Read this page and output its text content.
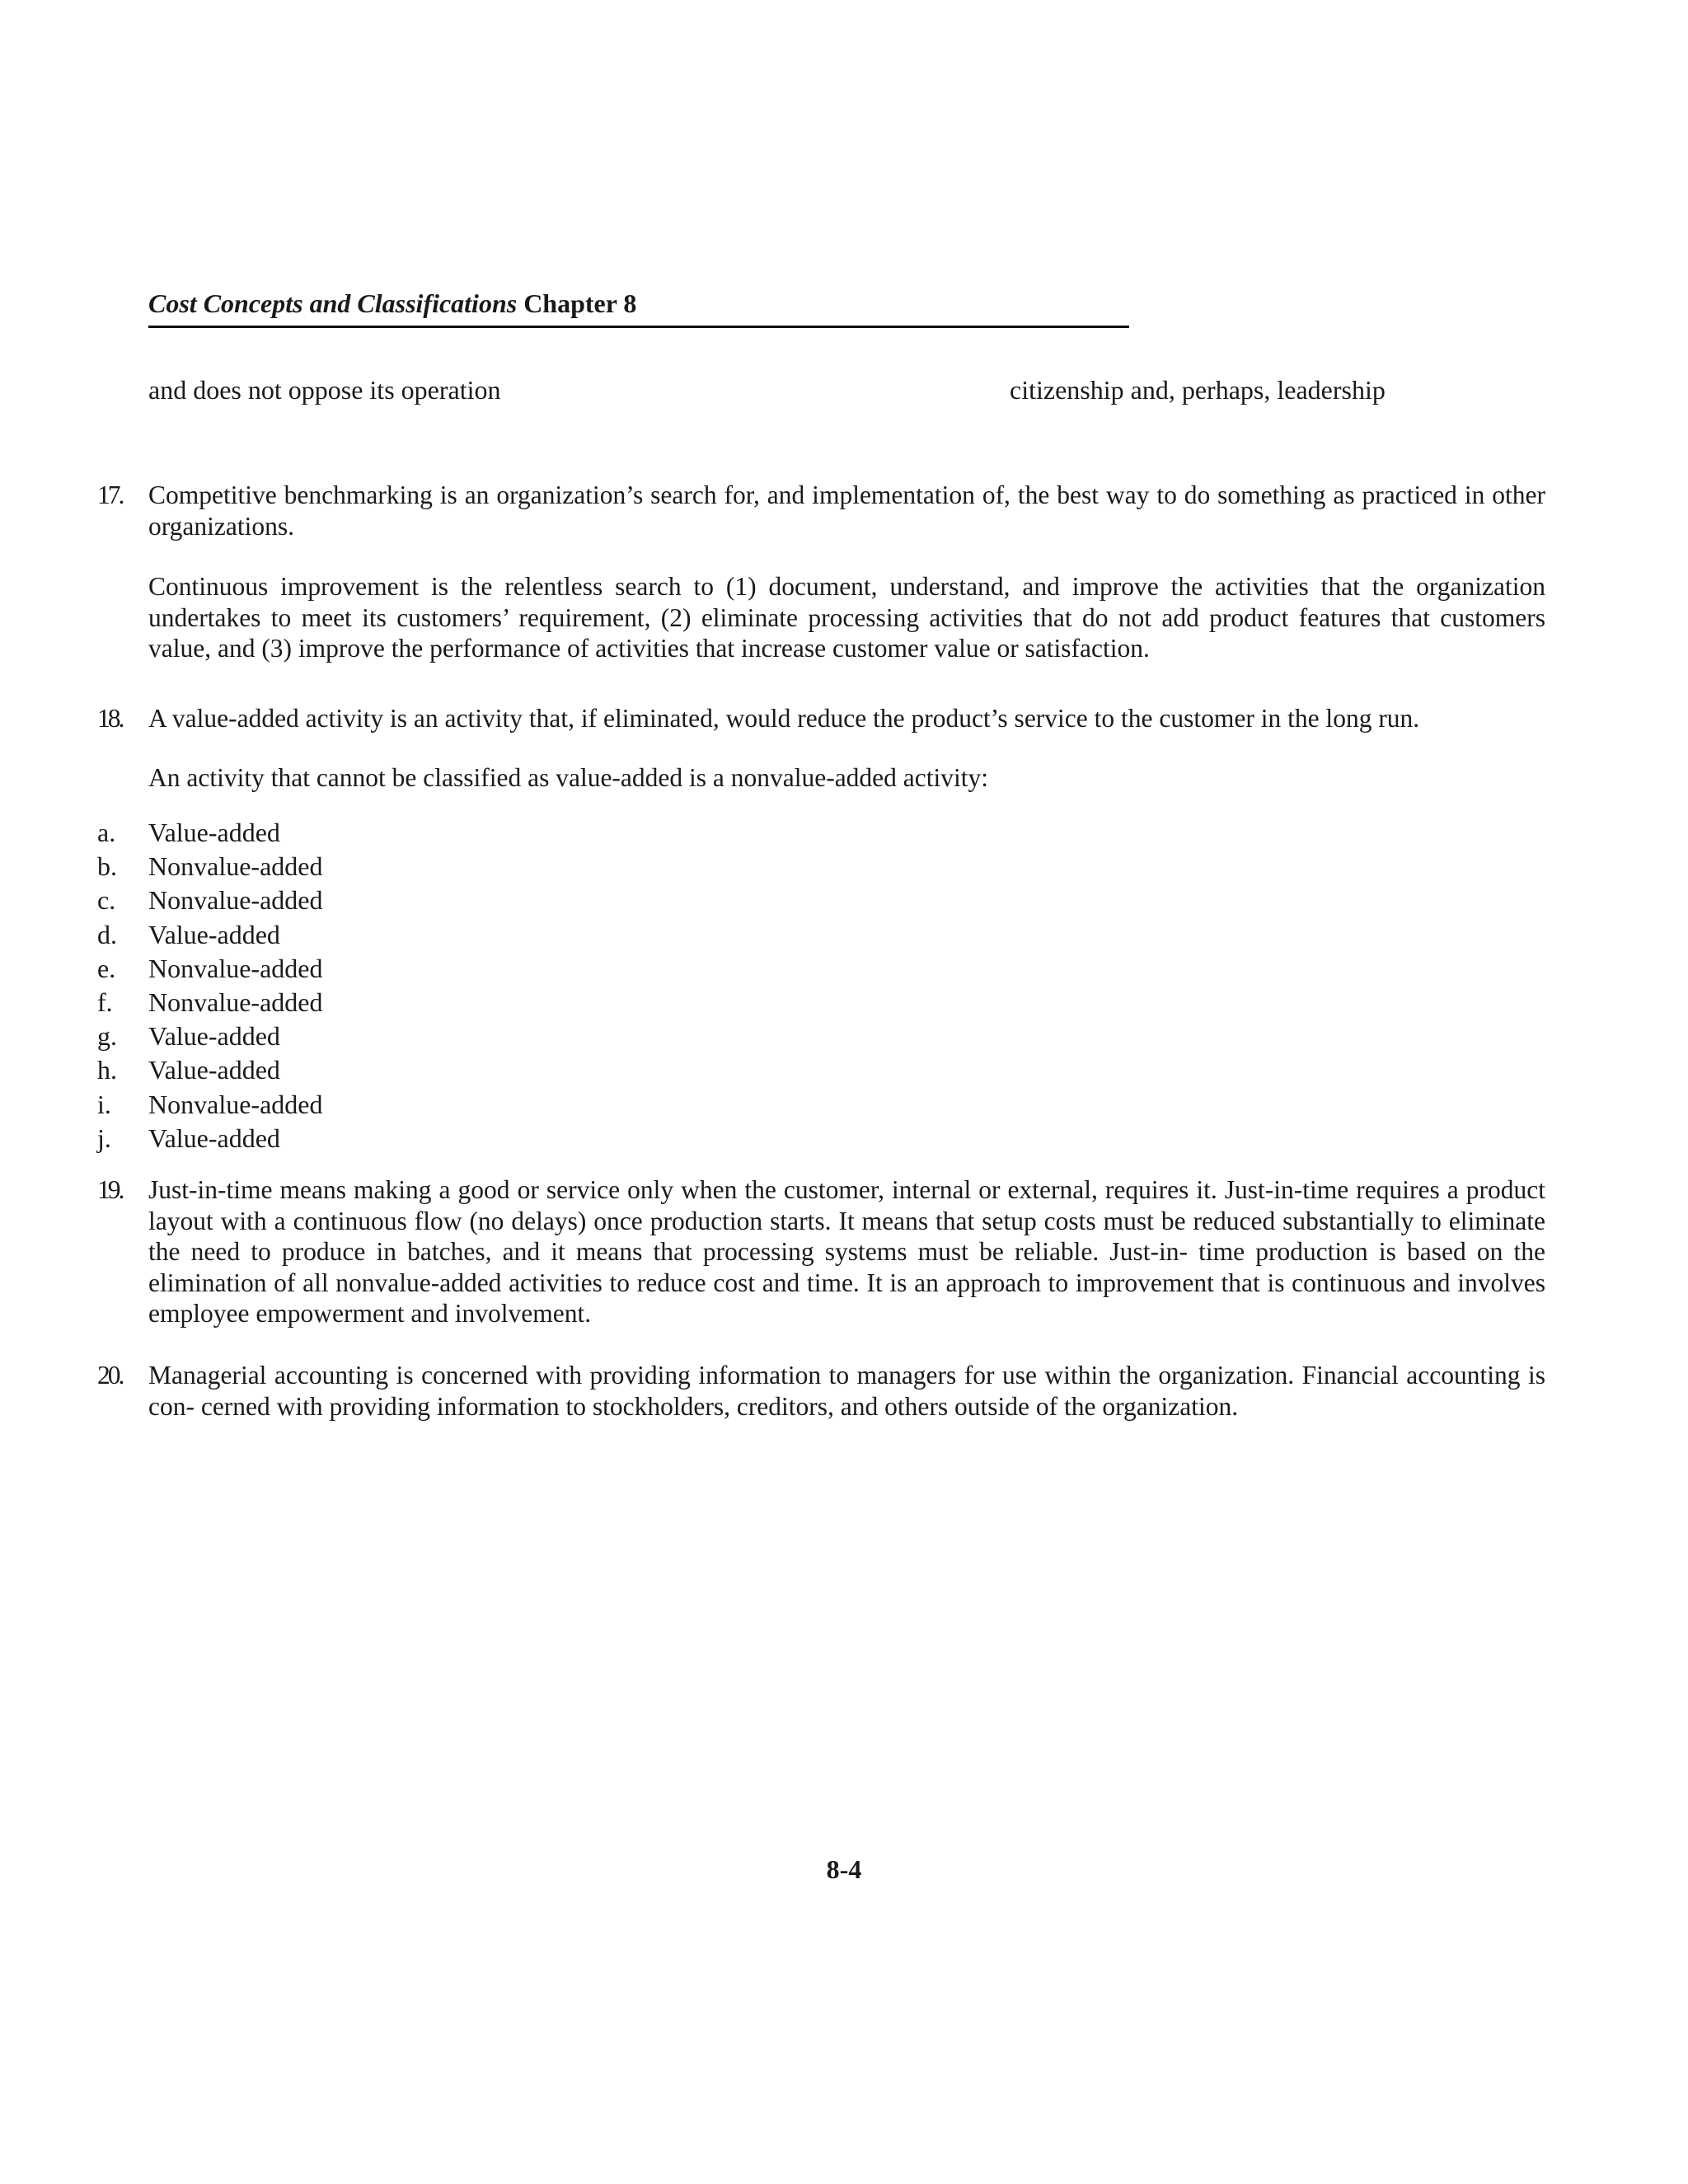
Cost Concepts and Classifications Chapter 8
and does not oppose its operation	citizenship and, perhaps, leadership
17. Competitive benchmarking is an organization’s search for, and implementation of, the best way to do something as practiced in other organizations.
Continuous improvement is the relentless search to (1) document, understand, and improve the activities that the organization undertakes to meet its customers’ requirement, (2) eliminate processing activities that do not add product features that customers value, and (3) improve the performance of activities that increase customer value or satisfaction.
18. A value-added activity is an activity that, if eliminated, would reduce the product’s service to the customer in the long run.
An activity that cannot be classified as value-added is a nonvalue-added activity:
a. Value-added
b. Nonvalue-added
c. Nonvalue-added
d. Value-added
e. Nonvalue-added
f. Nonvalue-added
g. Value-added
h. Value-added
i. Nonvalue-added
j. Value-added
19. Just-in-time means making a good or service only when the customer, internal or external, requires it. Just-in-time requires a product layout with a continuous flow (no delays) once production starts. It means that setup costs must be reduced substantially to eliminate the need to produce in batches, and it means that processing systems must be reliable. Just-in- time production is based on the elimination of all nonvalue-added activities to reduce cost and time. It is an approach to improvement that is continuous and involves employee empowerment and involvement.
20. Managerial accounting is concerned with providing information to managers for use within the organization. Financial accounting is con- cerned with providing information to stockholders, creditors, and others outside of the organization.
8-4
